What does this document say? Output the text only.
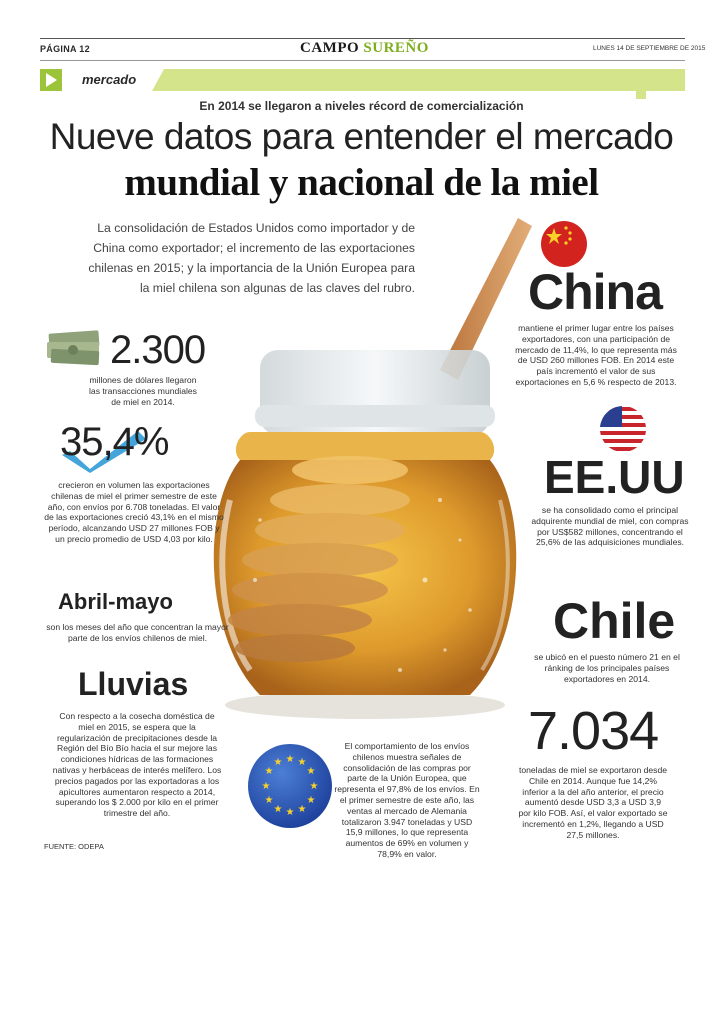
PÁGINA 12	CAMPO SUREÑO	LUNES 14 DE SEPTIEMBRE DE 2015
mercado
En 2014 se llegaron a niveles récord de comercialización
Nueve datos para entender el mercado
mundial y nacional de la miel
La consolidación de Estados Unidos como importador y de China como exportador; el incremento de las exportaciones chilenas en 2015; y la importancia de la Unión Europea para la miel chilena son algunas de las claves del rubro.
2.300
millones de dólares llegaron las transacciones mundiales de miel en 2014.
35,4%
crecieron en volumen las exportaciones chilenas de miel el primer semestre de este año, con envíos por 6.708 toneladas. El valor de las exportaciones creció 43,1% en el mismo período, alcanzando USD 27 millones FOB y un precio promedio de USD 4,03 por kilo.
Abril-mayo
son los meses del año que concentran la mayor parte de los envíos chilenos de miel.
Lluvias
Con respecto a la cosecha doméstica de miel en 2015, se espera que la regularización de precipitaciones desde la Región del Bío Bío hacia el sur mejore las condiciones hídricas de las formaciones nativas y herbáceas de interés melífero. Los precios pagados por las exportadoras a los apicultores aumentaron respecto a 2014, superando los $ 2.000 por kilo en el primer trimestre del año.
China
mantiene el primer lugar entre los países exportadores, con una participación de mercado de 11,4%, lo que representa más de USD 260 millones FOB. En 2014 este país incrementó el valor de sus exportaciones en 5,6 % respecto de 2013.
EE.UU
se ha consolidado como el principal adquirente mundial de miel, con compras por US$582 millones, concentrando el 25,6% de las adquisiciones mundiales.
Chile
se ubicó en el puesto número 21 en el ránking de los principales países exportadores en 2014.
7.034
toneladas de miel se exportaron desde Chile en 2014. Aunque fue 14,2% inferior a la del año anterior, el precio aumentó desde USD 3,3 a USD 3,9 por kilo FOB. Así, el valor exportado se incrementó en 1,2%, llegando a USD 27,5 millones.
★ ★
★
★
★
★
★
★
★
★
★
★
El comportamiento de los envíos chilenos muestra señales de consolidación de las compras por parte de la Unión Europea, que representa el 97,8% de los envíos. En el primer semestre de este año, las ventas al mercado de Alemania totalizaron 3.947 toneladas y USD 15,9 millones, lo que representa aumentos de 69% en volumen y 78,9% en valor.
FUENTE: ODEPA
